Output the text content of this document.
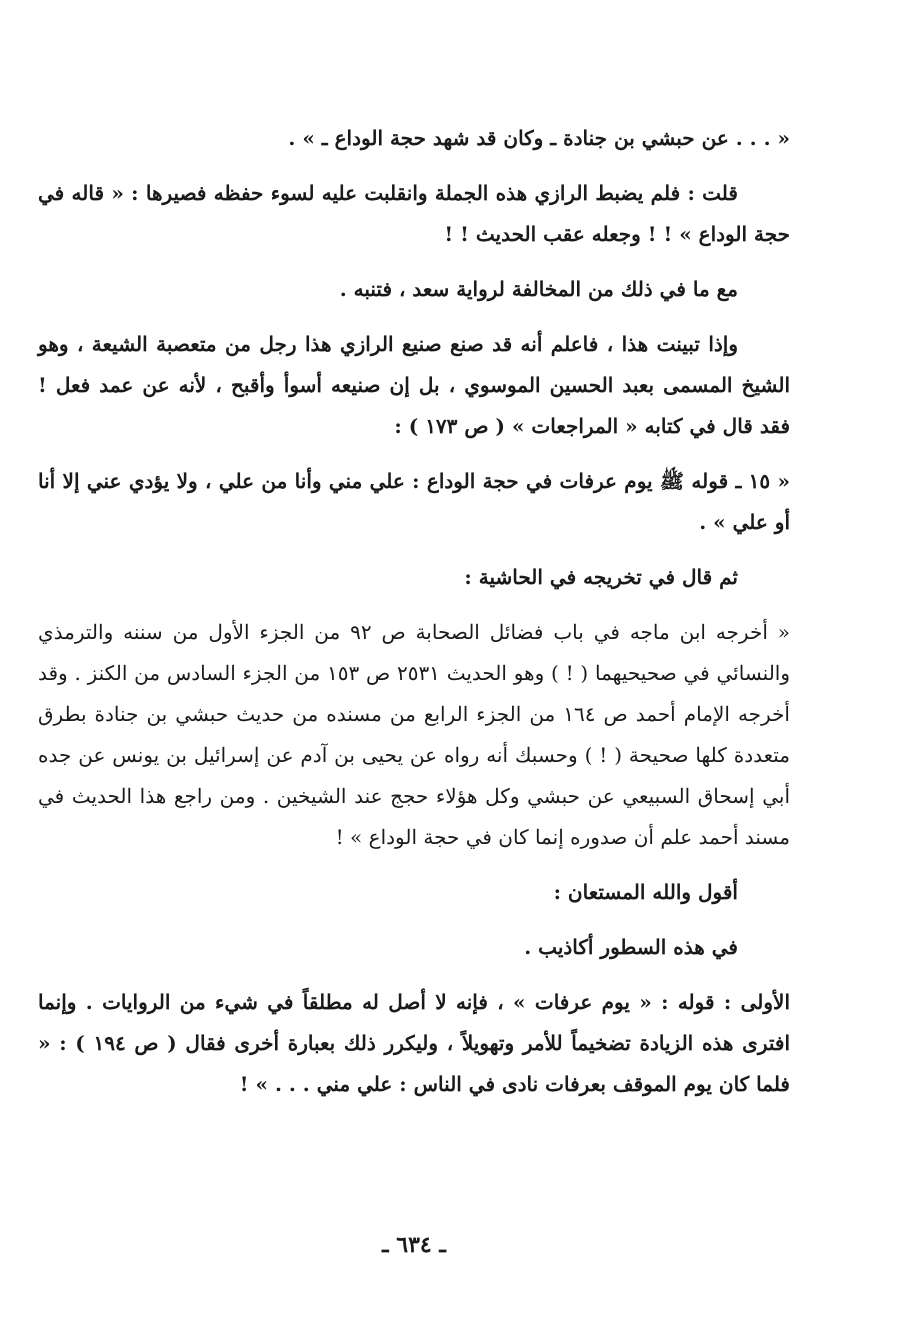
« . . . عن حبشي بن جنادة ـ وكان قد شهد حجة الوداع ـ » .

قلت : فلم يضبط الرازي هذه الجملة وانقلبت عليه لسوء حفظه فصيرها : « قاله في حجة الوداع » ! ! وجعله عقب الحديث ! !

مع ما في ذلك من المخالفة لرواية سعد ، فتنبه .

وإذا تبينت هذا ، فاعلم أنه قد صنع صنيع الرازي هذا رجل من متعصبة الشيعة ، وهو الشيخ المسمى بعبد الحسين الموسوي ، بل إن صنيعه أسوأ وأقبح ، لأنه عن عمد فعل ! فقد قال في كتابه « المراجعات » ( ص ١٧٣ ) :

« ١٥ ـ قوله ﷺ يوم عرفات في حجة الوداع : علي مني وأنا من علي ، ولا يؤدي عني إلا أنا أو علي » .

ثم قال في تخريجه في الحاشية :

« أخرجه ابن ماجه في باب فضائل الصحابة ص ٩٢ من الجزء الأول من سننه والترمذي والنسائي في صحيحيهما ( ! ) وهو الحديث ٢٥٣١ ص ١٥٣ من الجزء السادس من الكنز . وقد أخرجه الإمام أحمد ص ١٦٤ من الجزء الرابع من مسنده من حديث حبشي بن جنادة بطرق متعددة كلها صحيحة ( ! ) وحسبك أنه رواه عن يحيى بن آدم عن إسرائيل بن يونس عن جده أبي إسحاق السبيعي عن حبشي وكل هؤلاء حجج عند الشيخين . ومن راجع هذا الحديث في مسند أحمد علم أن صدوره إنما كان في حجة الوداع » !

أقول والله المستعان :

في هذه السطور أكاذيب .

الأولى : قوله : « يوم عرفات » ، فإنه لا أصل له مطلقاً في شيء من الروايات . وإنما افترى هذه الزيادة تضخيماً للأمر وتهويلاً ، وليكرر ذلك بعبارة أخرى فقال ( ص ١٩٤ ) : « فلما كان يوم الموقف بعرفات نادى في الناس : علي مني . . . » !

ـ ٦٣٤ ـ
